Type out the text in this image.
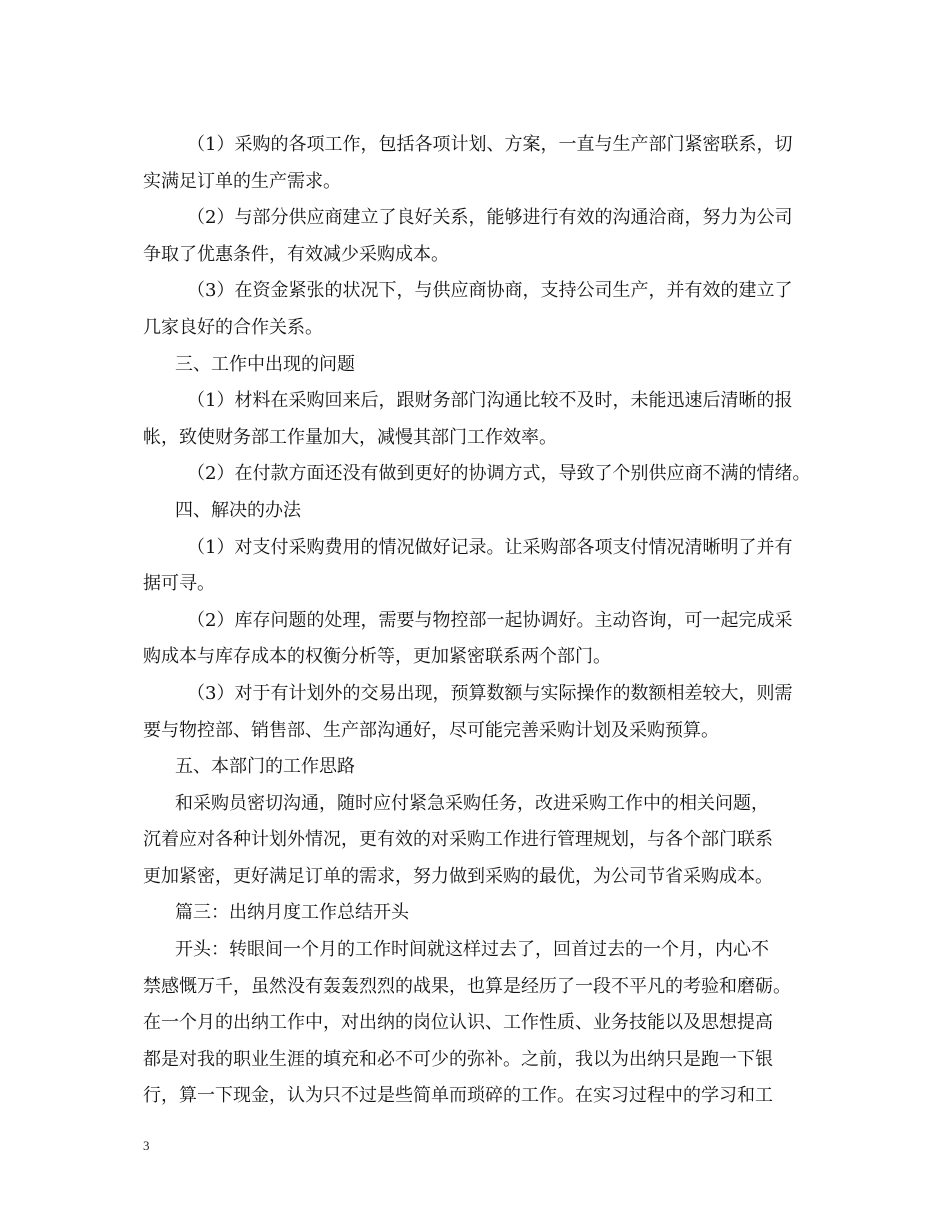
（1）采购的各项工作，包括各项计划、方案，一直与生产部门紧密联系，切
实满足订单的生产需求。
（2）与部分供应商建立了良好关系，能够进行有效的沟通洽商，努力为公司
争取了优惠条件，有效减少采购成本。
（3）在资金紧张的状况下，与供应商协商，支持公司生产，并有效的建立了
几家良好的合作关系。
三、工作中出现的问题
（1）材料在采购回来后，跟财务部门沟通比较不及时，未能迅速后清晰的报
帐，致使财务部工作量加大，减慢其部门工作效率。
（2）在付款方面还没有做到更好的协调方式，导致了个别供应商不满的情绪。
四、解决的办法
（1）对支付采购费用的情况做好记录。让采购部各项支付情况清晰明了并有
据可寻。
（2）库存问题的处理，需要与物控部一起协调好。主动咨询，可一起完成采
购成本与库存成本的权衡分析等，更加紧密联系两个部门。
（3）对于有计划外的交易出现，预算数额与实际操作的数额相差较大，则需
要与物控部、销售部、生产部沟通好，尽可能完善采购计划及采购预算。
五、本部门的工作思路
和采购员密切沟通，随时应付紧急采购任务，改进采购工作中的相关问题，
沉着应对各种计划外情况，更有效的对采购工作进行管理规划，与各个部门联系
更加紧密，更好满足订单的需求，努力做到采购的最优，为公司节省采购成本。
篇三：出纳月度工作总结开头
开头：转眼间一个月的工作时间就这样过去了，回首过去的一个月，内心不
禁感慨万千，虽然没有轰轰烈烈的战果，也算是经历了一段不平凡的考验和磨砺。
在一个月的出纳工作中，对出纳的岗位认识、工作性质、业务技能以及思想提高
都是对我的职业生涯的填充和必不可少的弥补。之前，我以为出纳只是跑一下银
行，算一下现金，认为只不过是些简单而琐碎的工作。在实习过程中的学习和工
3
